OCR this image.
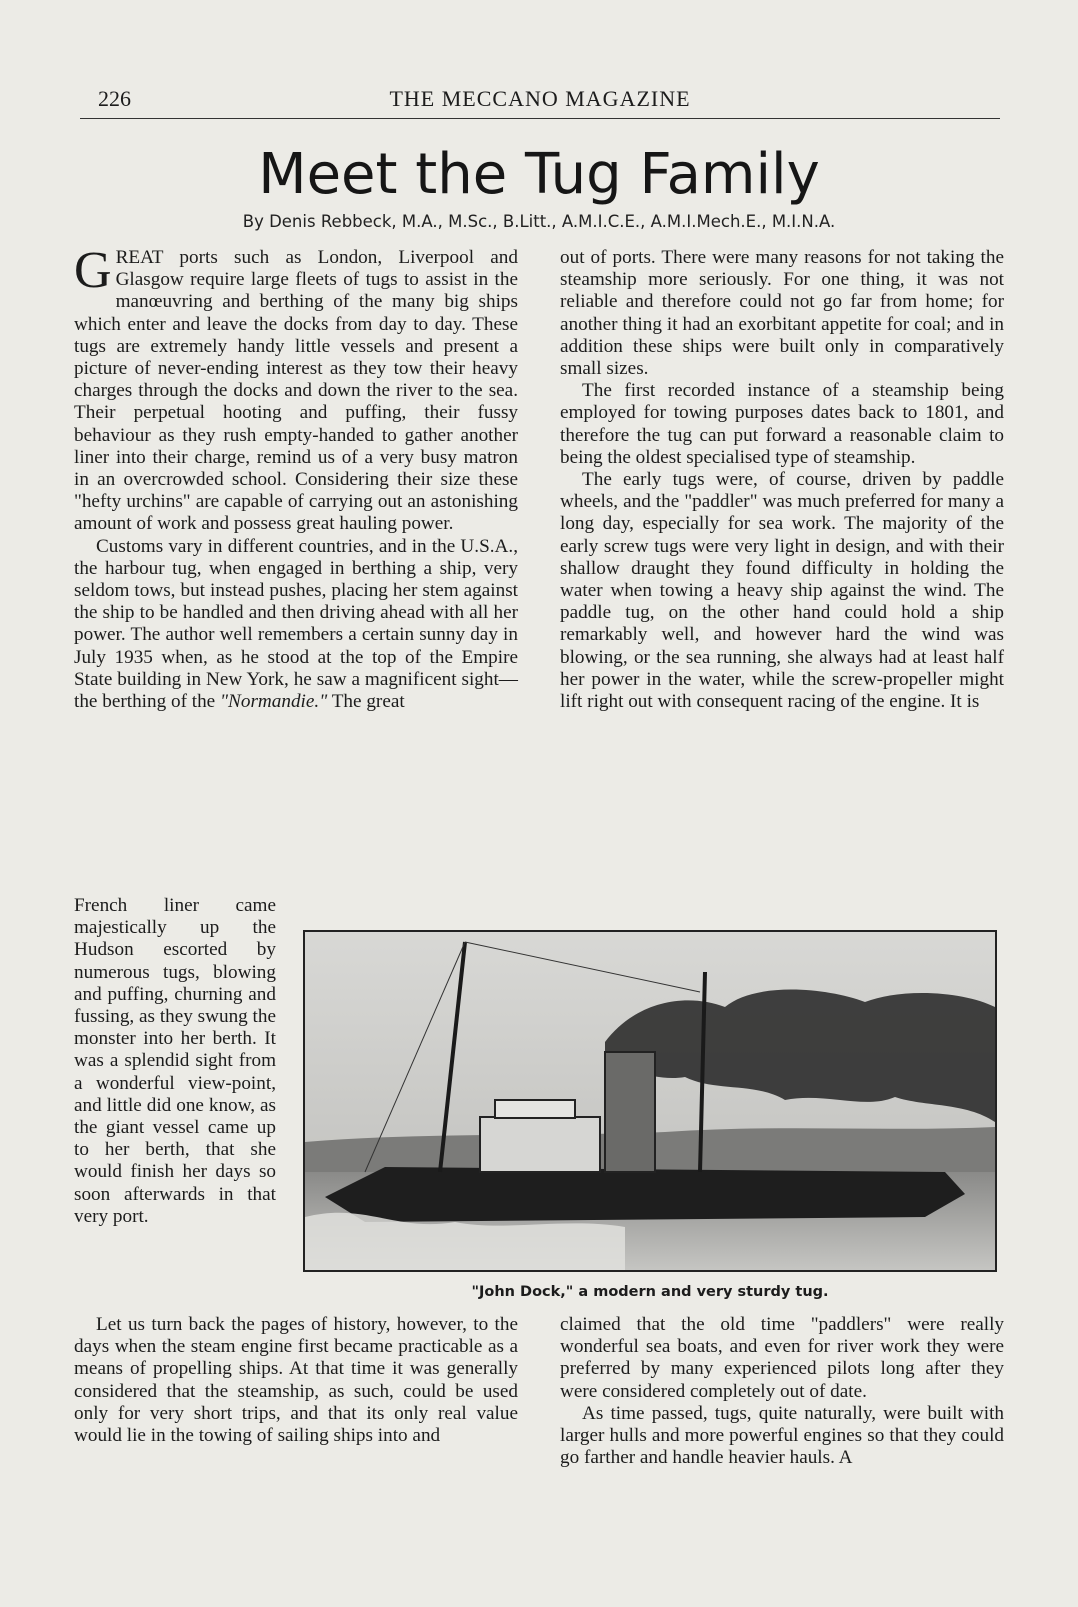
226	THE MECCANO MAGAZINE
Meet the Tug Family
By Denis Rebbeck, M.A., M.Sc., B.Litt., A.M.I.C.E., A.M.I.Mech.E., M.I.N.A.

GREAT ports such as London, Liverpool and Glasgow require large fleets of tugs to assist in the manœuvring and berthing of the many big ships which enter and leave the docks from day to day. These tugs are extremely handy little vessels and present a picture of never-ending interest as they tow their heavy charges through the docks and down the river to the sea. Their perpetual hooting and puffing, their fussy behaviour as they rush empty-handed to gather another liner into their charge, remind us of a very busy matron in an overcrowded school. Considering their size these "hefty urchins" are capable of carrying out an astonishing amount of work and possess great hauling power.

Customs vary in different countries, and in the U.S.A., the harbour tug, when engaged in berthing a ship, very seldom tows, but instead pushes, placing her stem against the ship to be handled and then driving ahead with all her power. The author well remembers a certain sunny day in July 1935 when, as he stood at the top of the Empire State building in New York, he saw a magnificent sight—the berthing of the "Normandie." The great

French liner came majestically up the Hudson escorted by numerous tugs, blowing and puffing, churning and fussing, as they swung the monster into her berth. It was a splendid sight from a wonderful view-point, and little did one know, as the giant vessel came up to her berth, that she would finish her days so soon afterwards in that very port.

Let us turn back the pages of history, however, to the days when the steam engine first became practicable as a means of propelling ships. At that time it was generally considered that the steamship, as such, could be used only for very short trips, and that its only real value would lie in the towing of sailing ships into and

out of ports. There were many reasons for not taking the steamship more seriously. For one thing, it was not reliable and therefore could not go far from home; for another thing it had an exorbitant appetite for coal; and in addition these ships were built only in comparatively small sizes.

The first recorded instance of a steamship being employed for towing purposes dates back to 1801, and therefore the tug can put forward a reasonable claim to being the oldest specialised type of steamship.

The early tugs were, of course, driven by paddle wheels, and the "paddler" was much preferred for many a long day, especially for sea work. The majority of the early screw tugs were very light in design, and with their shallow draught they found difficulty in holding the water when towing a heavy ship against the wind. The paddle tug, on the other hand could hold a ship remarkably well, and however hard the wind was blowing, or the sea running, she always had at least half her power in the water, while the screw-propeller might lift right out with consequent racing of the engine. It is

claimed that the old time "paddlers" were really wonderful sea boats, and even for river work they were preferred by many experienced pilots long after they were considered completely out of date.

As time passed, tugs, quite naturally, were built with larger hulls and more powerful engines so that they could go farther and handle heavier hauls. A

"John Dock," a modern and very sturdy tug.
